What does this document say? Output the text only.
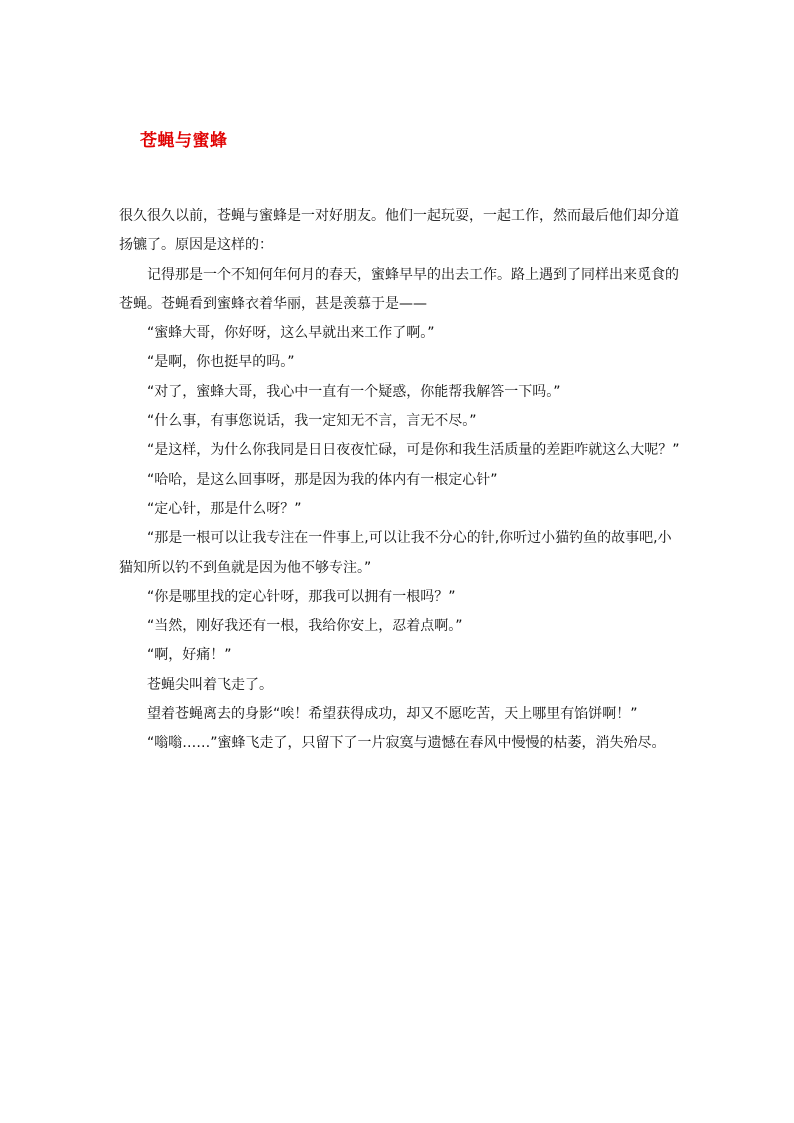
苍蝇与蜜蜂

很久很久以前，苍蝇与蜜蜂是一对好朋友。他们一起玩耍，一起工作，然而最后他们却分道扬镳了。原因是这样的：

记得那是一个不知何年何月的春天，蜜蜂早早的出去工作。路上遇到了同样出来觅食的苍蝇。苍蝇看到蜜蜂衣着华丽，甚是羡慕于是——

“蜜蜂大哥，你好呀，这么早就出来工作了啊。”

“是啊，你也挺早的吗。”

“对了，蜜蜂大哥，我心中一直有一个疑惑，你能帮我解答一下吗。”

“什么事，有事您说话，我一定知无不言，言无不尽。”

“是这样，为什么你我同是日日夜夜忙碌，可是你和我生活质量的差距咋就这么大呢？”

“哈哈，是这么回事呀，那是因为我的体内有一根定心针”

“定心针，那是什么呀？”

“那是一根可以让我专注在一件事上,可以让我不分心的针,你听过小猫钓鱼的故事吧,小猫知所以钓不到鱼就是因为他不够专注。”

“你是哪里找的定心针呀，那我可以拥有一根吗？”

“当然，刚好我还有一根，我给你安上，忍着点啊。”

“啊，好痛！”

苍蝇尖叫着飞走了。

望着苍蝇离去的身影“唉！希望获得成功，却又不愿吃苦，天上哪里有馅饼啊！”

“嗡嗡……”蜜蜂飞走了，只留下了一片寂寞与遗憾在春风中慢慢的枯萎，消失殆尽。
